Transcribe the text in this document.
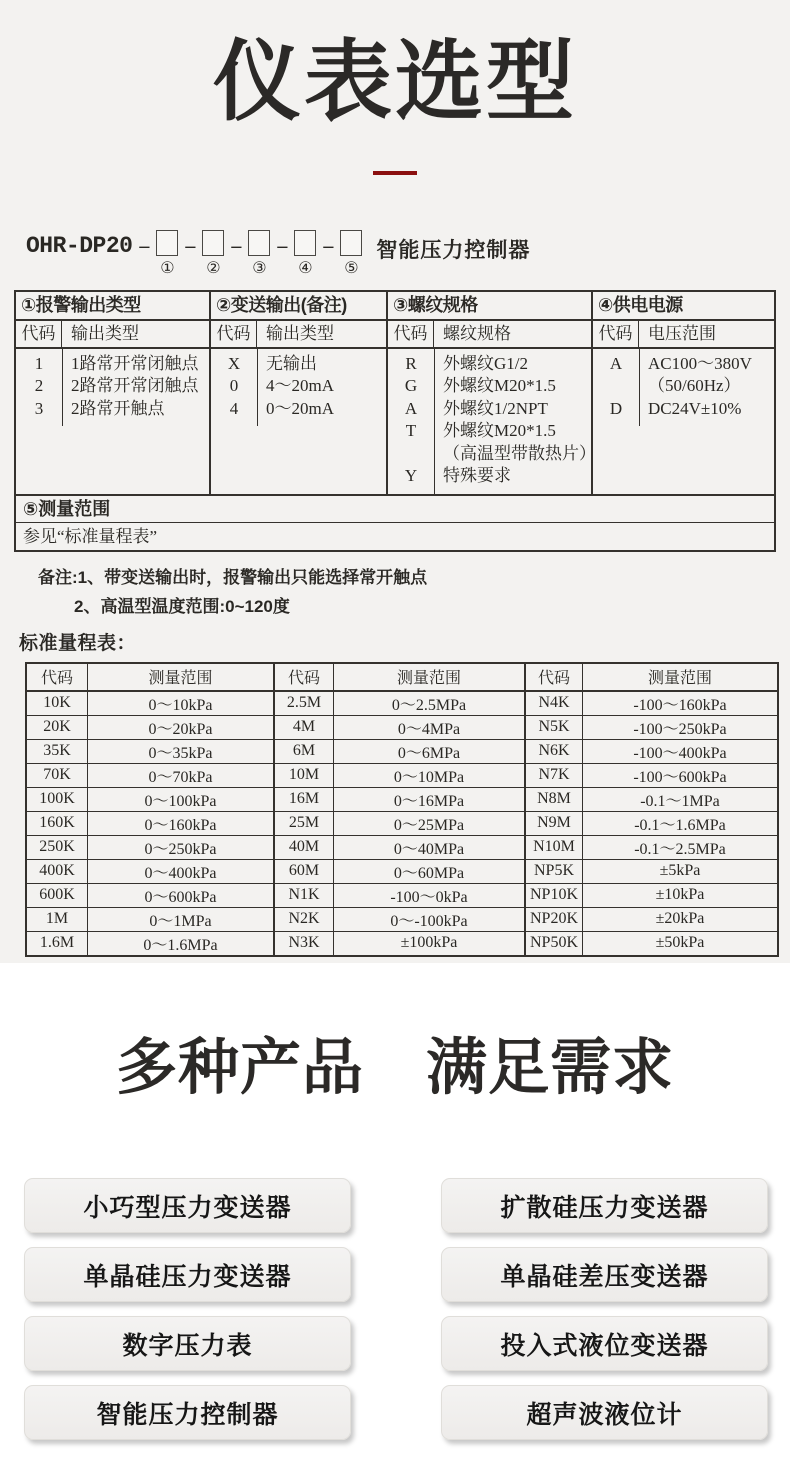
仪表选型
OHR-DP20 –
①
–
②
–
③
–
④
–
⑤
智能压力控制器
①报警输出类型
代码 输出类型
1	1路常开常闭触点
2	2路常开常闭触点
3	2路常开触点
②变送输出(备注)
代码 输出类型
X	无输出
0	4～20mA
4	0～20mA
③螺纹规格
代码 螺纹规格
R	外螺纹G1/2
G	外螺纹M20*1.5
A	外螺纹1/2NPT
T	外螺纹M20*1.5
（高温型带散热片）
Y	特殊要求
④供电电源
代码 电压范围
A	AC100～380V
（50/60Hz）
D	DC24V±10%
⑤测量范围
参见“标准量程表”
备注:1、带变送输出时，报警输出只能选择常开触点
2、高温型温度范围:0~120度
标准量程表：
代码	测量范围	代码	测量范围	代码	测量范围
10K	0～10kPa	2.5M	0～2.5MPa	N4K	-100～160kPa
20K	0～20kPa	4M	0～4MPa	N5K	-100～250kPa
35K	0～35kPa	6M	0～6MPa	N6K	-100～400kPa
70K	0～70kPa	10M	0～10MPa	N7K	-100～600kPa
100K	0～100kPa	16M	0～16MPa	N8M	-0.1～1MPa
160K	0～160kPa	25M	0～25MPa	N9M	-0.1～1.6MPa
250K	0～250kPa	40M	0～40MPa	N10M	-0.1～2.5MPa
400K	0～400kPa	60M	0～60MPa	NP5K	±5kPa
600K	0～600kPa	N1K	-100～0kPa	NP10K	±10kPa
1M	0～1MPa	N2K	0～-100kPa	NP20K	±20kPa
1.6M	0～1.6MPa	N3K	±100kPa	NP50K	±50kPa
多种产品　满足需求
小巧型压力变送器	扩散硅压力变送器
单晶硅压力变送器	单晶硅差压变送器
数字压力表	投入式液位变送器
智能压力控制器	超声波液位计
